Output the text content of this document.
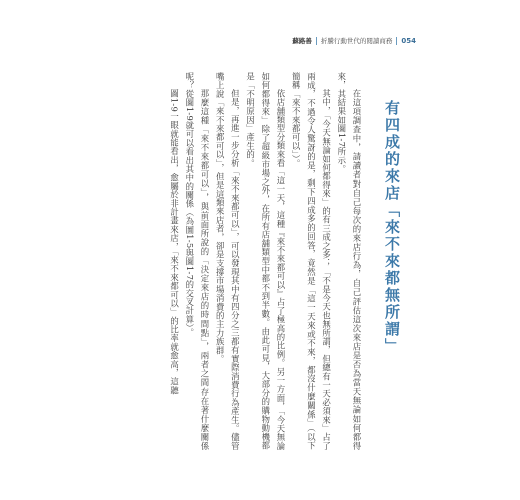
蘇路善 折騰行動世代的閱讀商務 054
有四成的來店「來不來都無所謂」

在這項調查中，請讀者對自己每次的來店行為，自己評估這次來店是否為當天無論如何都得來，其結果如圖1-7所示。

其中，「今天無論如何都得來」的有三成之多；「不是今天也無所謂，但總有一天必須來」占了兩成，不過令人驚訝的是，剩下四成多的回答，竟然是「這一天來或不來，都沒什麼關係」（以下簡稱「來不來都可以」）。

依店舖類型分類來看「這一天，這種『來不來都可以』占了極高的比例。另一方面，「今天無論如何都得來」除了超級市場之外，在所有店舖類型中都不到半數。由此可見，大部分的購物動機都是「不明原因」產生的。

但是，再進一步分析「來不來都可以」，可以發現其中有四分之三都有實際消費行為產生。儘管嘴上說「來不來都可以」，但是這類來店者，卻是支撐市場消費的主力族群。

那麼這種「來不來都可以」，與前面所說的「決定來店的時間點」，兩者之間存在著什麼關係呢？從圖1-9就可以看出其中的關係（為圖1-5與圖1-7的交叉計算）。

圖1-9一眼就能看出，愈屬於非計畫來店，「來不來都可以」的比率就愈高，這聽
